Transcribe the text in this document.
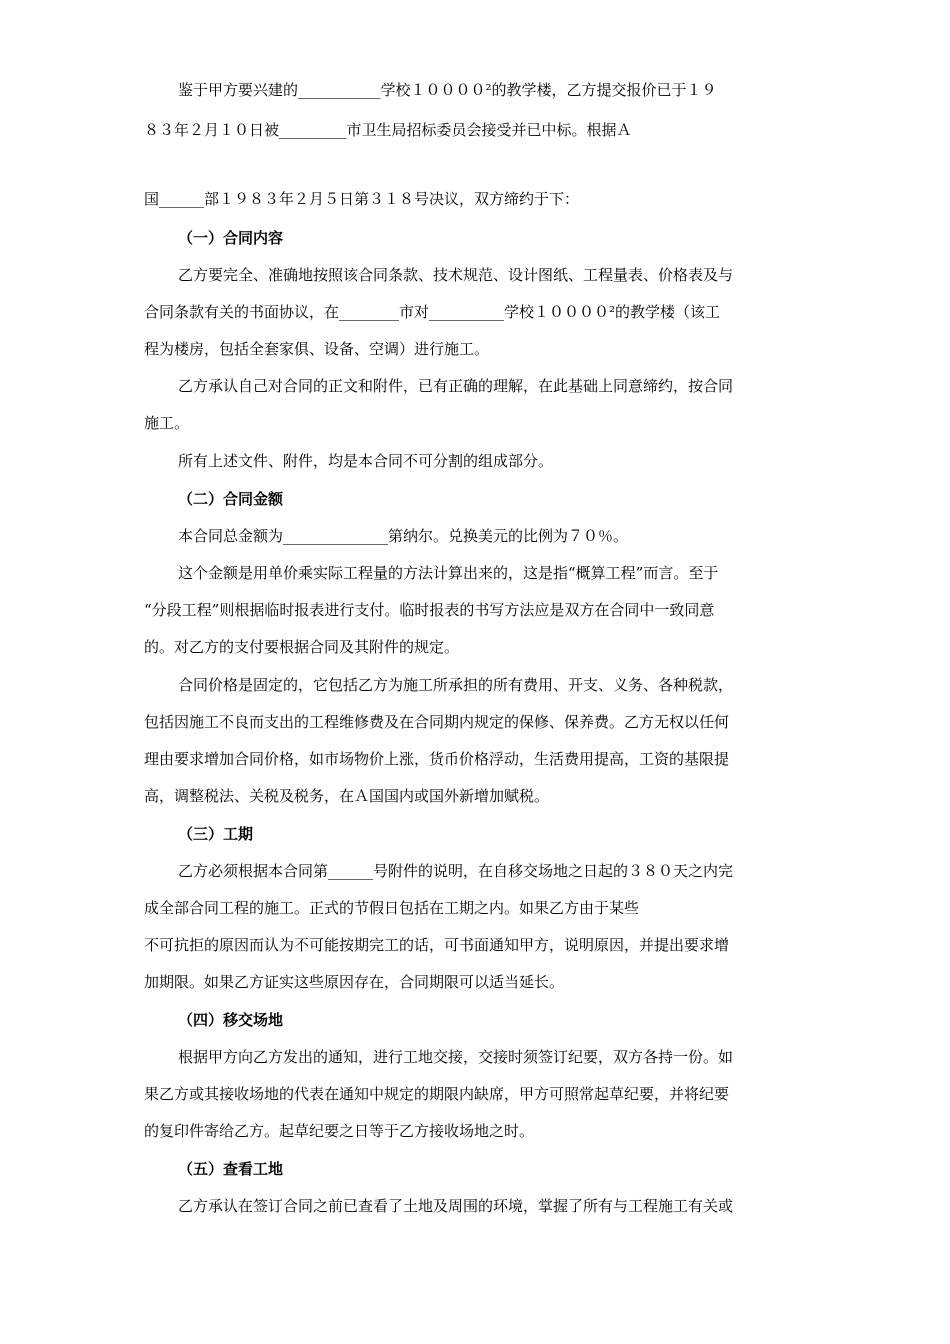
鉴于甲方要兴建的___________学校１００００²的教学楼，乙方提交报价已于１９
８３年２月１０日被_________市卫生局招标委员会接受并已中标。根据Ａ
国______部１９８３年２月５日第３１８号决议，双方缔约于下：
（一）合同内容
乙方要完全、准确地按照该合同条款、技术规范、设计图纸、工程量表、价格表及与
合同条款有关的书面协议，在________市对__________学校１００００²的教学楼（该工
程为楼房，包括全套家俱、设备、空调）进行施工。
乙方承认自己对合同的正文和附件，已有正确的理解，在此基础上同意缔约，按合同
施工。
所有上述文件、附件，均是本合同不可分割的组成部分。
（二）合同金额
本合同总金额为______________第纳尔。兑换美元的比例为７０％。
这个金额是用单价乘实际工程量的方法计算出来的，这是指“概算工程”而言。至于
“分段工程”则根据临时报表进行支付。临时报表的书写方法应是双方在合同中一致同意
的。对乙方的支付要根据合同及其附件的规定。
合同价格是固定的，它包括乙方为施工所承担的所有费用、开支、义务、各种税款，
包括因施工不良而支出的工程维修费及在合同期内规定的保修、保养费。乙方无权以任何
理由要求增加合同价格，如市场物价上涨，货币价格浮动，生活费用提高，工资的基限提
高，调整税法、关税及税务，在Ａ国国内或国外新增加赋税。
（三）工期
乙方必须根据本合同第______号附件的说明，在自移交场地之日起的３８０天之内完
成全部合同工程的施工。正式的节假日包括在工期之内。如果乙方由于某些
不可抗拒的原因而认为不可能按期完工的话，可书面通知甲方，说明原因，并提出要求增
加期限。如果乙方证实这些原因存在，合同期限可以适当延长。
（四）移交场地
根据甲方向乙方发出的通知，进行工地交接，交接时须签订纪要，双方各持一份。如
果乙方或其接收场地的代表在通知中规定的期限内缺席，甲方可照常起草纪要，并将纪要
的复印件寄给乙方。起草纪要之日等于乙方接收场地之时。
（五）查看工地
乙方承认在签订合同之前已查看了土地及周围的环境，掌握了所有与工程施工有关或
